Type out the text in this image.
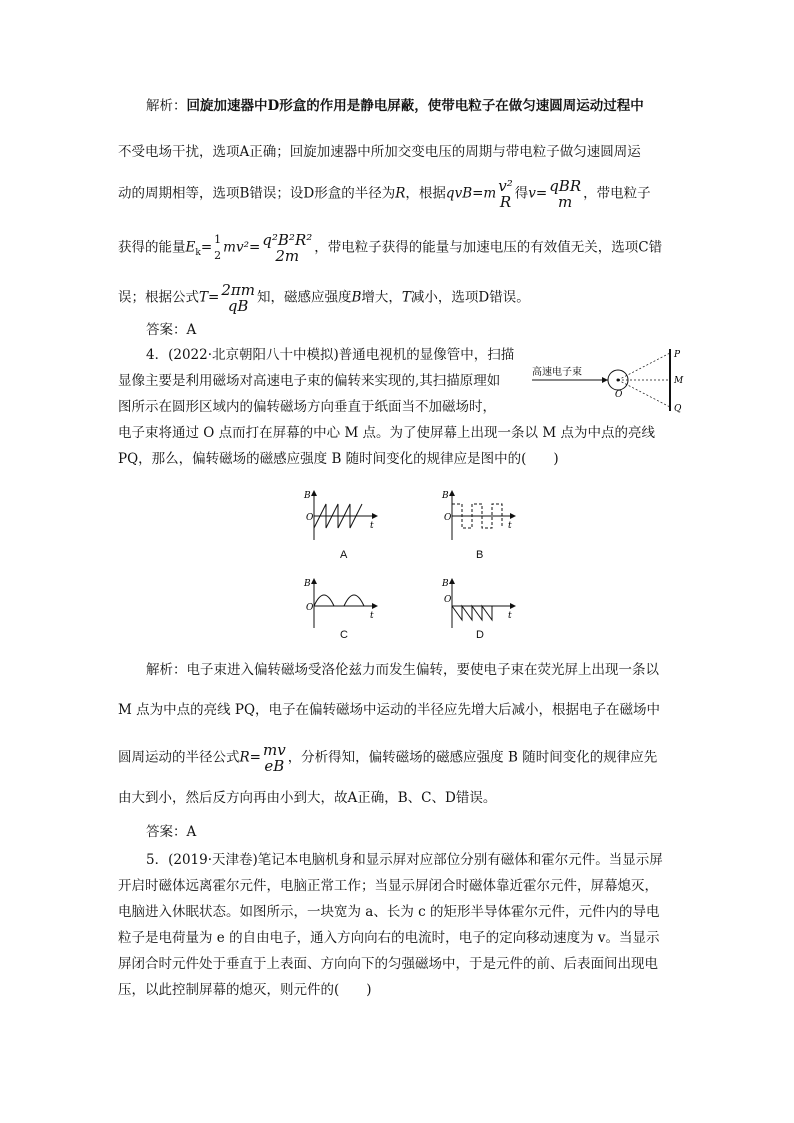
解析：回旋加速器中D形盒的作用是静电屏蔽，使带电粒子在做匀速圆周运动过程中
不受电场干扰，选项A正确；回旋加速器中所加交变电压的周期与带电粒子做匀速圆周运
动的周期相等，选项B错误；设D形盒的半径为R，根据qvB=m v²
R 得v= qBR
m ，带电粒子
获得的能量$E_k= 1$
2 mv²= q²B²R²
2m	，带电粒子获得的能量与加速电压的有效值无关，选项C错
误；根据公式T= 2πm
qB 知，磁感应强度B增大，T减小，选项D错误。
答案：A
4．(2022·北京朝阳八十中模拟)普通电视机的显像管中，扫描
显像主要是利用磁场对高速电子束的偏转来实现的,其扫描原理如
图所示在圆形区域内的偏转磁场方向垂直于纸面当不加磁场时，
电子束将通过 O 点而打在屏幕的中心 M 点。为了使屏幕上出现一条以 M 点为中点的亮线
PQ，那么，偏转磁场的磁感应强度 B 随时间变化的规律应是图中的(　　)
高速电子束
O
P
M
Q
B
O
t
A
B
O
t
B
B
O
t
C
B
O
t
D
解析：电子束进入偏转磁场受洛伦兹力而发生偏转，要使电子束在荧光屏上出现一条以
M 点为中点的亮线 PQ，电子在偏转磁场中运动的半径应先增大后减小，根据电子在磁场中
圆周运动的半径公式R= mv
eB ，分析得知，偏转磁场的磁感应强度 B 随时间变化的规律应先
由大到小，然后反方向再由小到大，故A正确，B、C、D错误。
答案：A
5．(2019·天津卷)笔记本电脑机身和显示屏对应部位分别有磁体和霍尔元件。当显示屏
开启时磁体远离霍尔元件，电脑正常工作；当显示屏闭合时磁体靠近霍尔元件，屏幕熄灭，
电脑进入休眠状态。如图所示，一块宽为 a、长为 c 的矩形半导体霍尔元件，元件内的导电
粒子是电荷量为 e 的自由电子，通入方向向右的电流时，电子的定向移动速度为 v。当显示
屏闭合时元件处于垂直于上表面、方向向下的匀强磁场中，于是元件的前、后表面间出现电
压，以此控制屏幕的熄灭，则元件的(　　)
